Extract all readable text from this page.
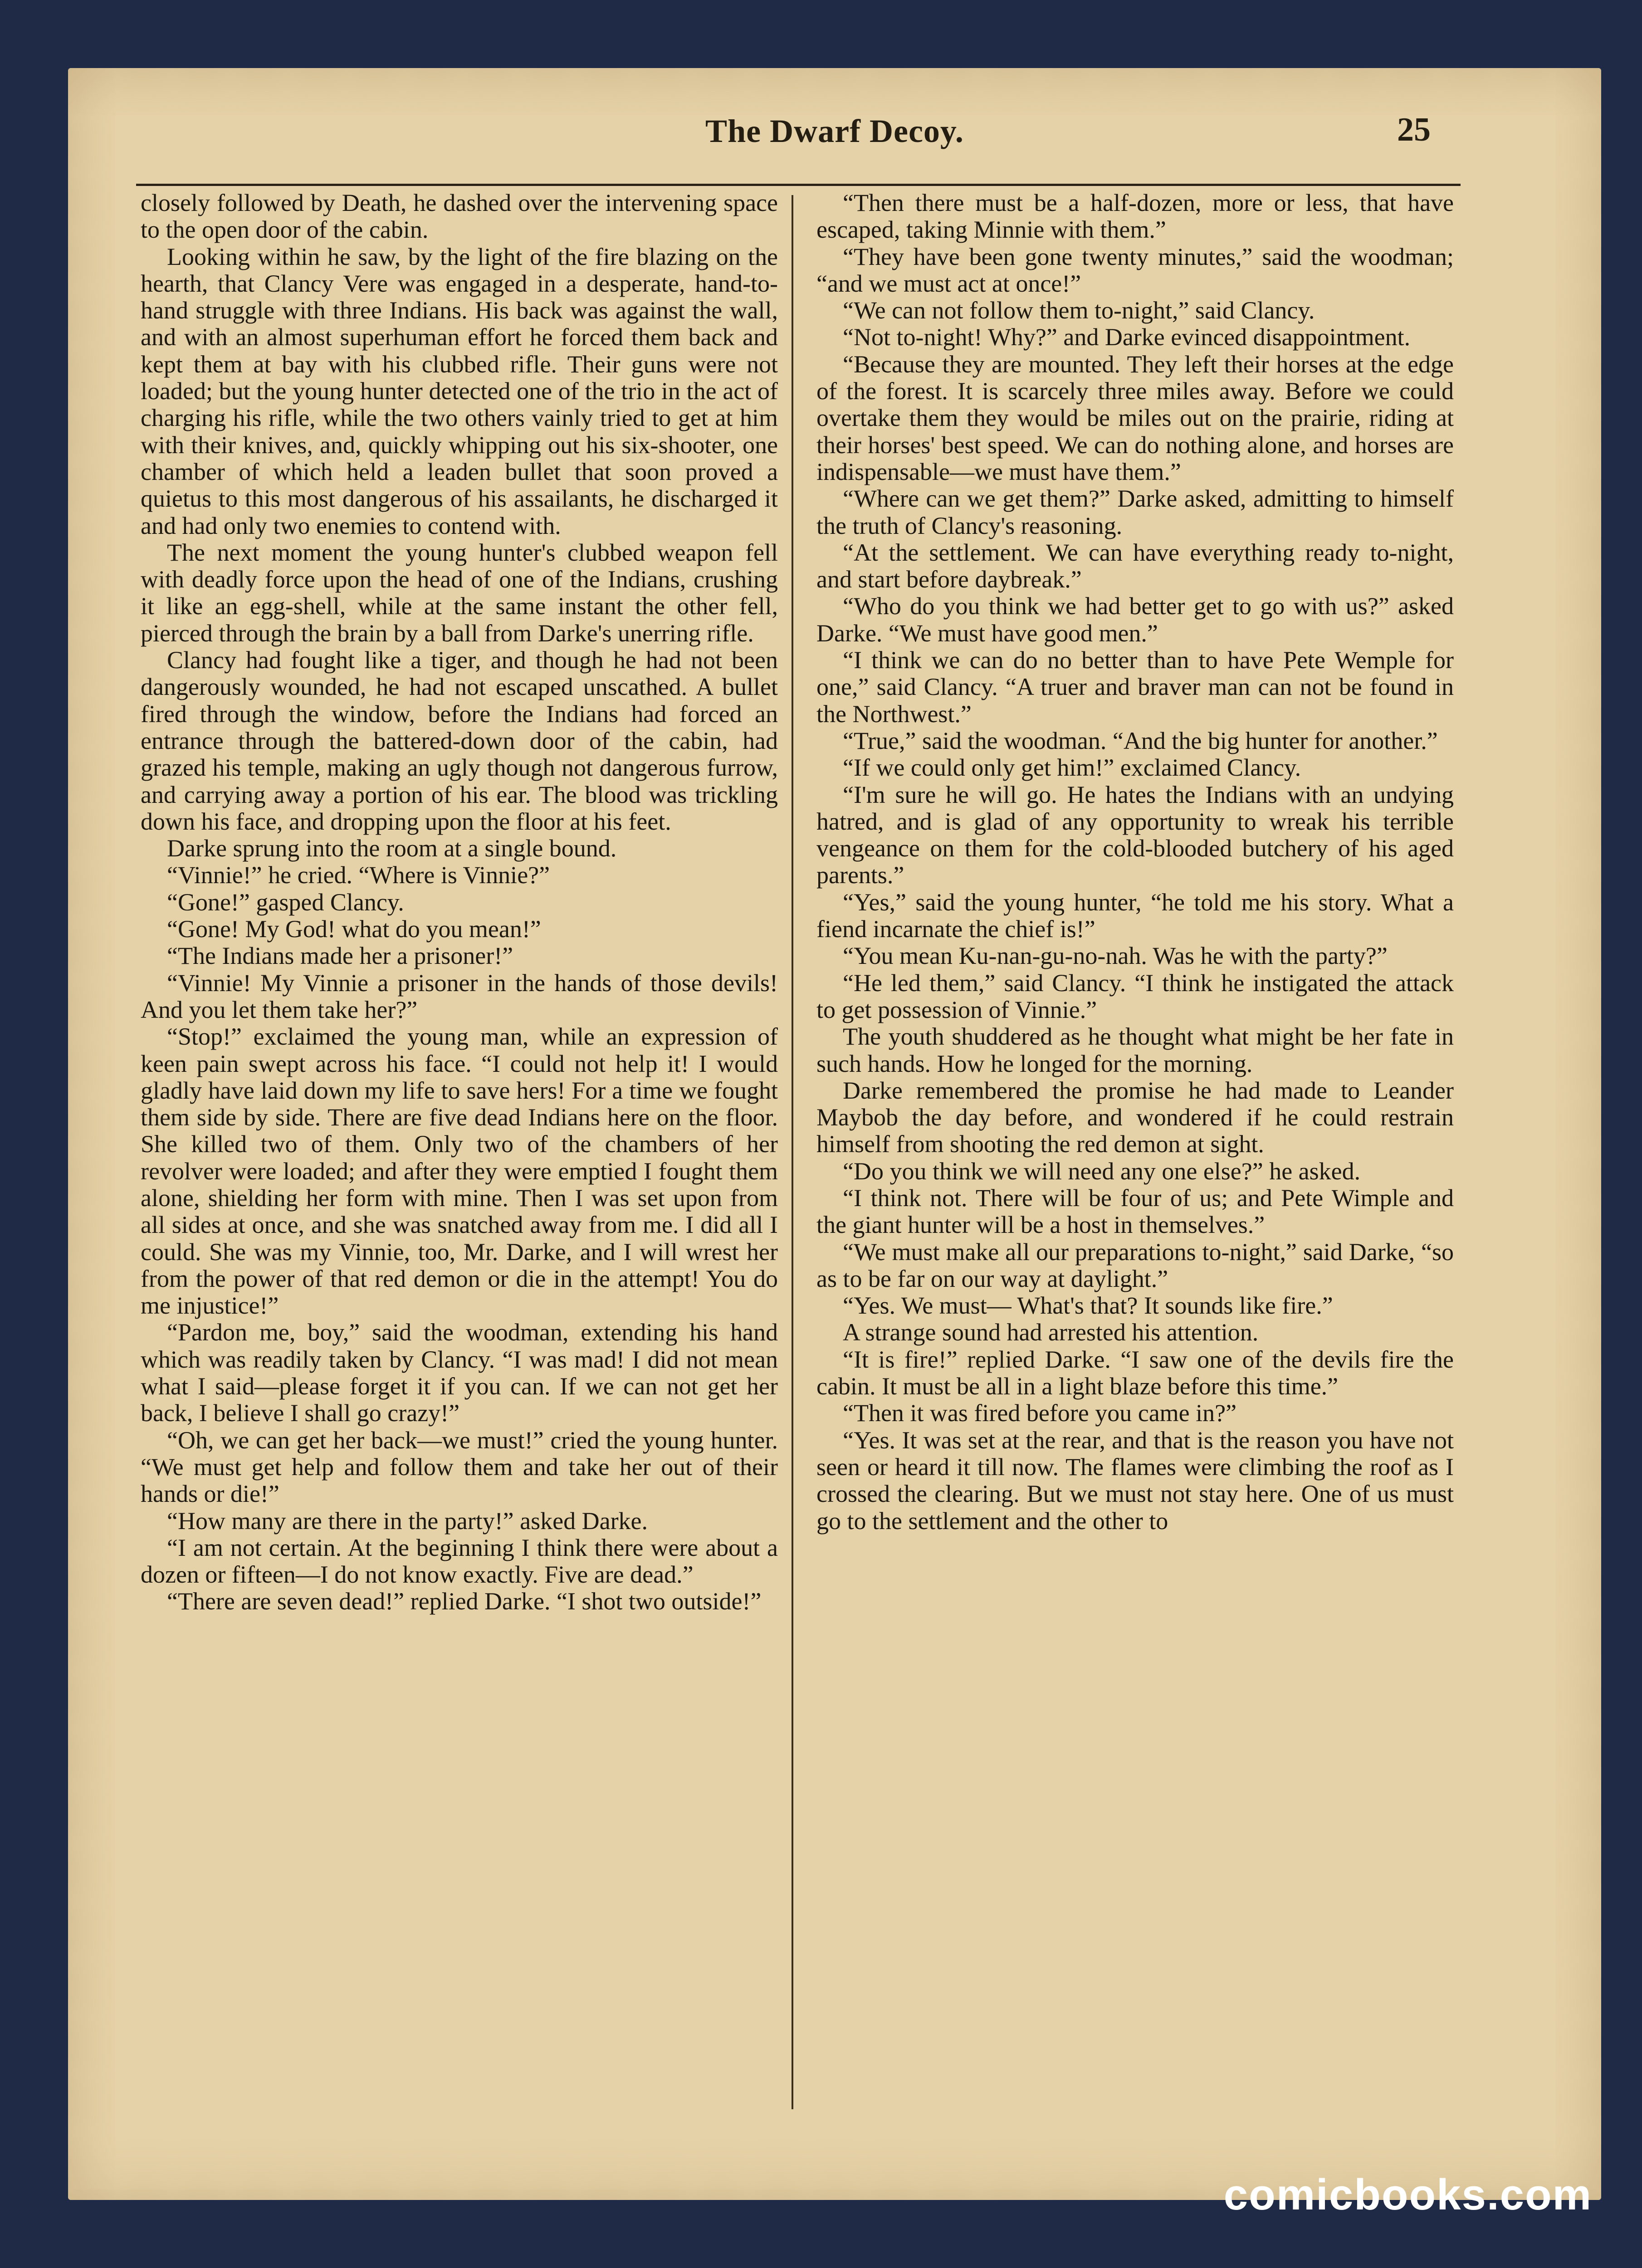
The Dwarf Decoy.	25

closely followed by Death, he dashed over the intervening space to the open door of the cabin.

Looking within he saw, by the light of the fire blazing on the hearth, that Clancy Vere was engaged in a desperate, hand-to-hand struggle with three Indians. His back was against the wall, and with an almost superhuman effort he forced them back and kept them at bay with his clubbed rifle. Their guns were not loaded; but the young hunter detected one of the trio in the act of charging his rifle, while the two others vainly tried to get at him with their knives, and, quickly whipping out his six-shooter, one chamber of which held a leaden bullet that soon proved a quietus to this most dangerous of his assailants, he discharged it and had only two enemies to contend with.

The next moment the young hunter's clubbed weapon fell with deadly force upon the head of one of the Indians, crushing it like an egg-shell, while at the same instant the other fell, pierced through the brain by a ball from Darke's unerring rifle.

Clancy had fought like a tiger, and though he had not been dangerously wounded, he had not escaped unscathed. A bullet fired through the window, before the Indians had forced an entrance through the battered-down door of the cabin, had grazed his temple, making an ugly though not dangerous furrow, and carrying away a portion of his ear. The blood was trickling down his face, and dropping upon the floor at his feet.

Darke sprung into the room at a single bound.

“Vinnie!” he cried. “Where is Vinnie?”

“Gone!” gasped Clancy.

“Gone! My God! what do you mean!”

“The Indians made her a prisoner!”

“Vinnie! My Vinnie a prisoner in the hands of those devils! And you let them take her?”

“Stop!” exclaimed the young man, while an expression of keen pain swept across his face. “I could not help it! I would gladly have laid down my life to save hers! For a time we fought them side by side. There are five dead Indians here on the floor. She killed two of them. Only two of the chambers of her revolver were loaded; and after they were emptied I fought them alone, shielding her form with mine. Then I was set upon from all sides at once, and she was snatched away from me. I did all I could. She was my Vinnie, too, Mr. Darke, and I will wrest her from the power of that red demon or die in the attempt! You do me injustice!”

“Pardon me, boy,” said the woodman, extending his hand which was readily taken by Clancy. “I was mad! I did not mean what I said—please forget it if you can. If we can not get her back, I believe I shall go crazy!”

“Oh, we can get her back—we must!” cried the young hunter. “We must get help and follow them and take her out of their hands or die!”

“How many are there in the party!” asked Darke.

“I am not certain. At the beginning I think there were about a dozen or fifteen—I do not know exactly. Five are dead.”

“There are seven dead!” replied Darke. “I shot two outside!”

“Then there must be a half-dozen, more or less, that have escaped, taking Minnie with them.”

“They have been gone twenty minutes,” said the woodman; “and we must act at once!”

“We can not follow them to-night,” said Clancy.

“Not to-night! Why?” and Darke evinced disappointment.

“Because they are mounted. They left their horses at the edge of the forest. It is scarcely three miles away. Before we could overtake them they would be miles out on the prairie, riding at their horses' best speed. We can do nothing alone, and horses are indispensable—we must have them.”

“Where can we get them?” Darke asked, admitting to himself the truth of Clancy's reasoning.

“At the settlement. We can have everything ready to-night, and start before daybreak.”

“Who do you think we had better get to go with us?” asked Darke. “We must have good men.”

“I think we can do no better than to have Pete Wemple for one,” said Clancy. “A truer and braver man can not be found in the Northwest.”

“True,” said the woodman. “And the big hunter for another.”

“If we could only get him!” exclaimed Clancy.

“I'm sure he will go. He hates the Indians with an undying hatred, and is glad of any opportunity to wreak his terrible vengeance on them for the cold-blooded butchery of his aged parents.”

“Yes,” said the young hunter, “he told me his story. What a fiend incarnate the chief is!”

“You mean Ku-nan-gu-no-nah. Was he with the party?”

“He led them,” said Clancy. “I think he instigated the attack to get possession of Vinnie.”

The youth shuddered as he thought what might be her fate in such hands. How he longed for the morning.

Darke remembered the promise he had made to Leander Maybob the day before, and wondered if he could restrain himself from shooting the red demon at sight.

“Do you think we will need any one else?” he asked.

“I think not. There will be four of us; and Pete Wimple and the giant hunter will be a host in themselves.”

“We must make all our preparations to-night,” said Darke, “so as to be far on our way at daylight.”

“Yes. We must— What's that? It sounds like fire.”

A strange sound had arrested his attention.

“It is fire!” replied Darke. “I saw one of the devils fire the cabin. It must be all in a light blaze before this time.”

“Then it was fired before you came in?”

“Yes. It was set at the rear, and that is the reason you have not seen or heard it till now. The flames were climbing the roof as I crossed the clearing. But we must not stay here. One of us must go to the settlement and the other to

comicbooks.com
